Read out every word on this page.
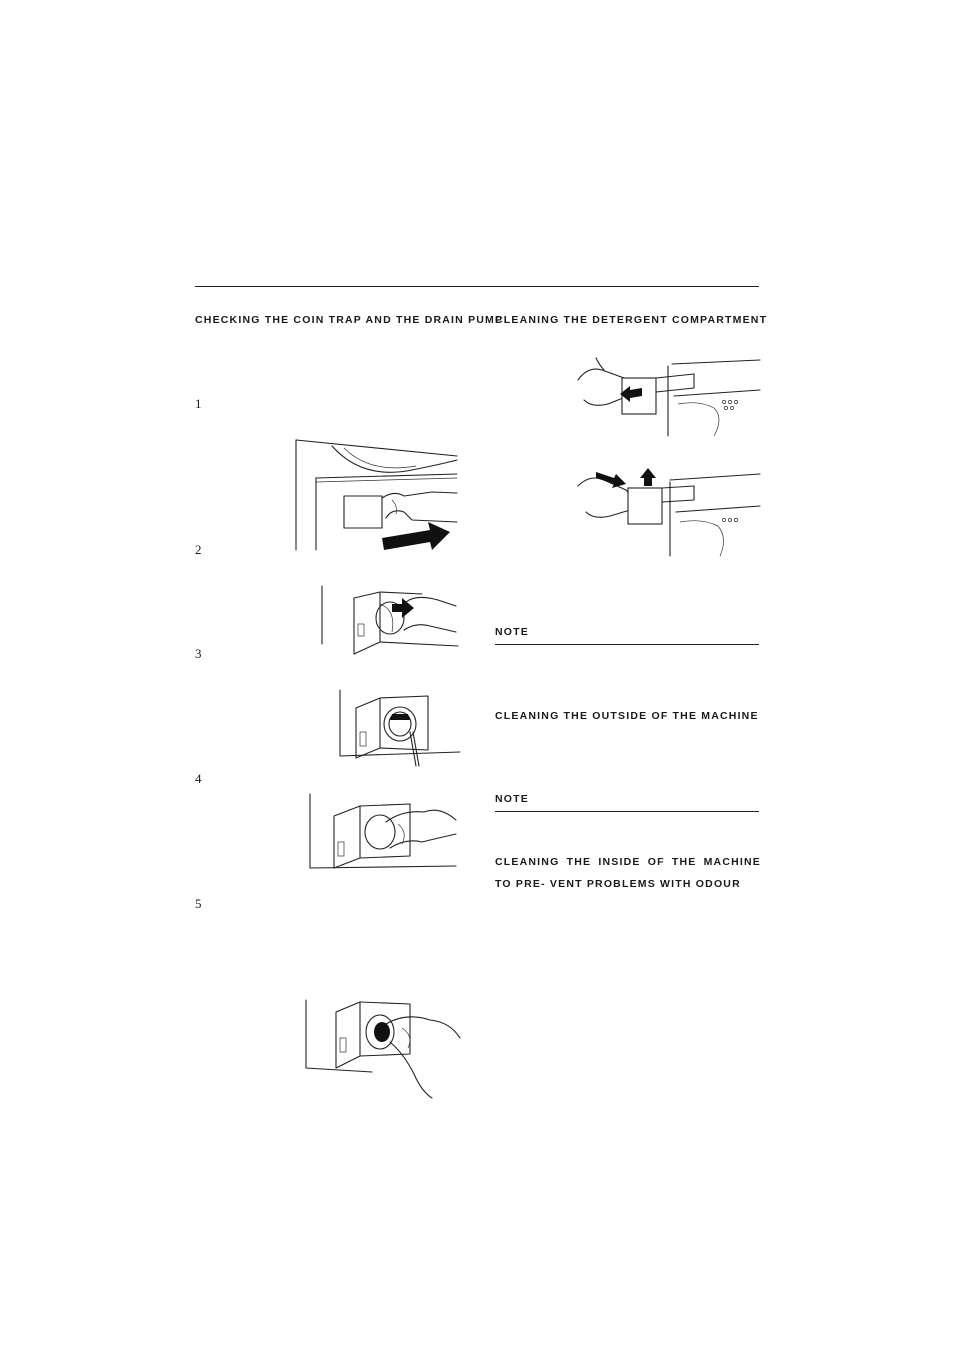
CHECKING THE COIN TRAP AND THE DRAIN PUMP
1
2
3
4
5
CLEANING THE DETERGENT COMPARTMENT
NOTE
CLEANING THE OUTSIDE OF THE MACHINE
NOTE
CLEANING THE INSIDE OF THE MACHINE TO PRE- VENT PROBLEMS WITH ODOUR
